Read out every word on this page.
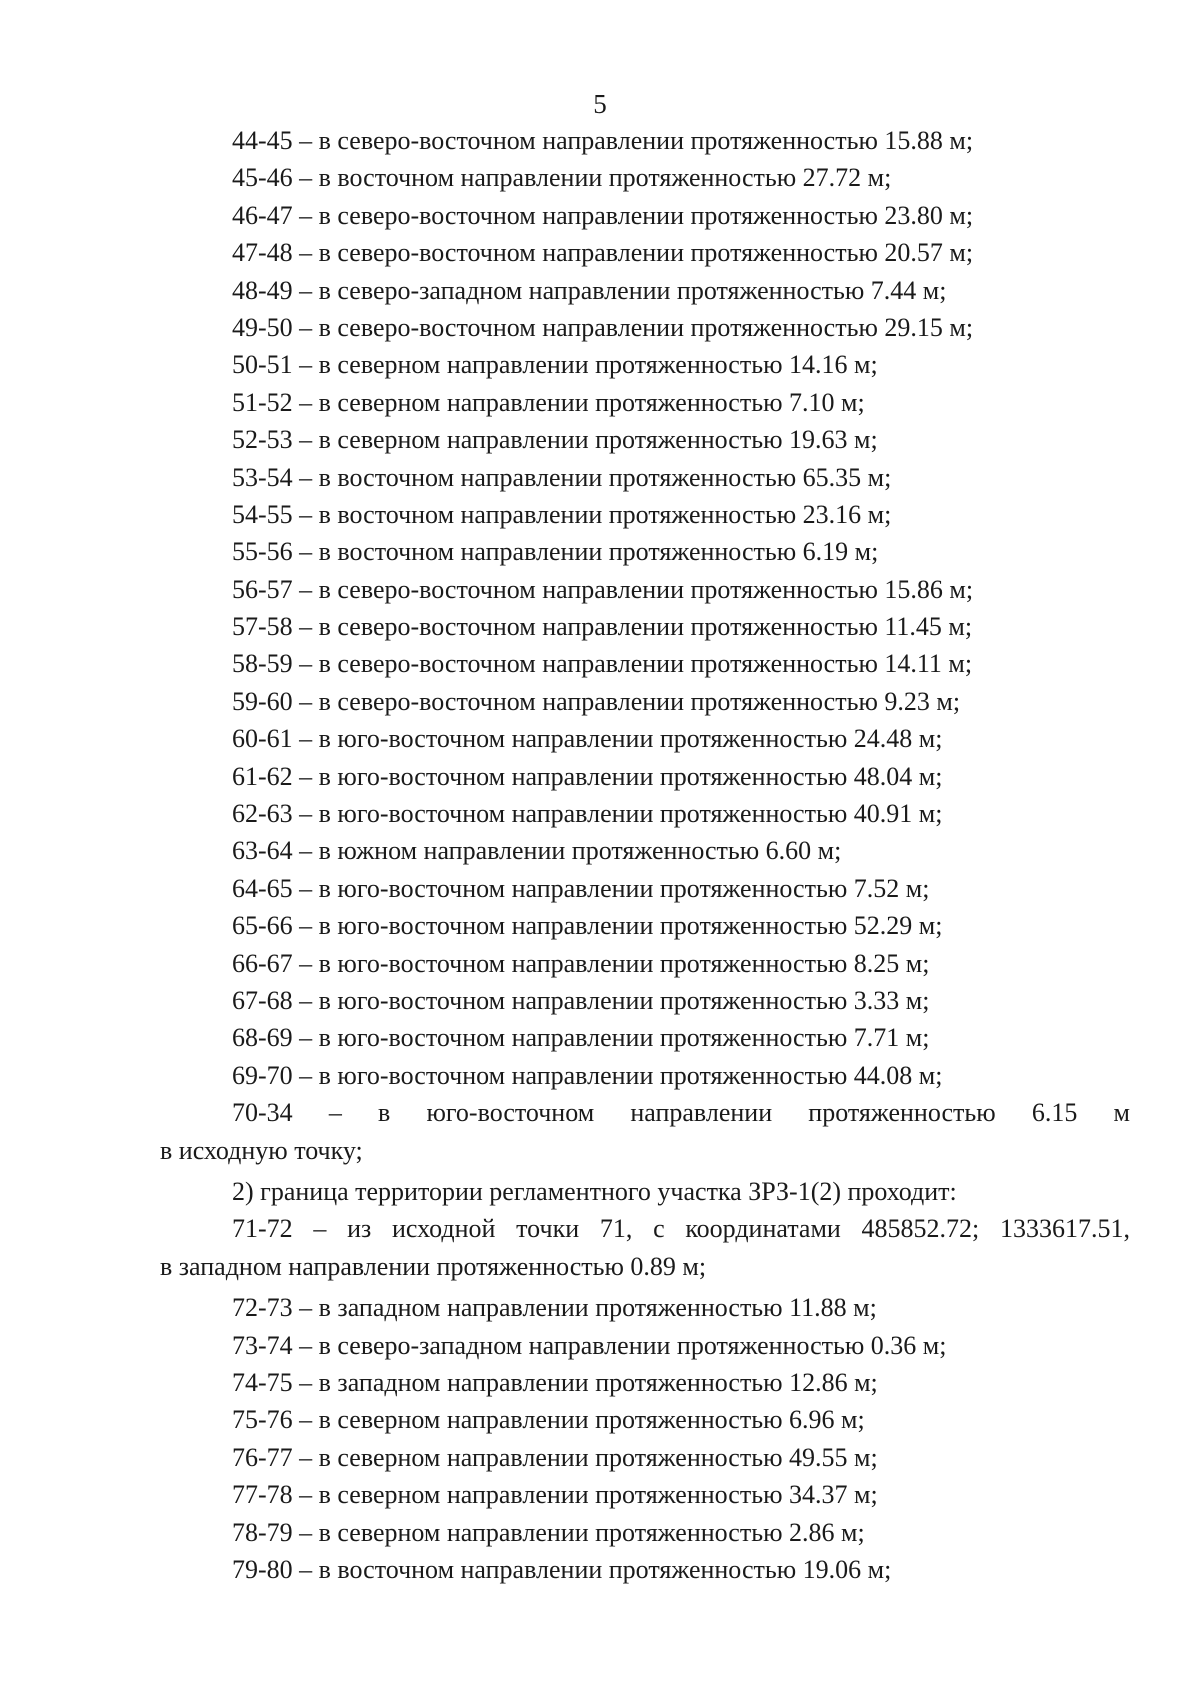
5
44-45 – в северо-восточном направлении протяженностью 15.88 м;
45-46 – в восточном направлении протяженностью 27.72 м;
46-47 – в северо-восточном направлении протяженностью 23.80 м;
47-48 – в северо-восточном направлении протяженностью 20.57 м;
48-49 – в северо-западном направлении протяженностью 7.44 м;
49-50 – в северо-восточном направлении протяженностью 29.15 м;
50-51 – в северном направлении протяженностью 14.16 м;
51-52 – в северном направлении протяженностью 7.10 м;
52-53 – в северном направлении протяженностью 19.63 м;
53-54 – в восточном направлении протяженностью 65.35 м;
54-55 – в восточном направлении протяженностью 23.16 м;
55-56 – в восточном направлении протяженностью 6.19 м;
56-57 – в северо-восточном направлении протяженностью 15.86 м;
57-58 – в северо-восточном направлении протяженностью 11.45 м;
58-59 – в северо-восточном направлении протяженностью 14.11 м;
59-60 – в северо-восточном направлении протяженностью 9.23 м;
60-61 – в юго-восточном направлении протяженностью 24.48 м;
61-62 – в юго-восточном направлении протяженностью 48.04 м;
62-63 – в юго-восточном направлении протяженностью 40.91 м;
63-64 – в южном направлении протяженностью 6.60 м;
64-65 – в юго-восточном направлении протяженностью 7.52 м;
65-66 – в юго-восточном направлении протяженностью 52.29 м;
66-67 – в юго-восточном направлении протяженностью 8.25 м;
67-68 – в юго-восточном направлении протяженностью 3.33 м;
68-69 – в юго-восточном направлении протяженностью 7.71 м;
69-70 – в юго-восточном направлении протяженностью 44.08 м;
70-34 – в юго-восточном направлении протяженностью 6.15 м
в исходную точку;
2) граница территории регламентного участка ЗРЗ-1(2) проходит:
71-72 – из исходной точки 71, с координатами 485852.72; 1333617.51,
в западном направлении протяженностью 0.89 м;
72-73 – в западном направлении протяженностью 11.88 м;
73-74 – в северо-западном направлении протяженностью 0.36 м;
74-75 – в западном направлении протяженностью 12.86 м;
75-76 – в северном направлении протяженностью 6.96 м;
76-77 – в северном направлении протяженностью 49.55 м;
77-78 – в северном направлении протяженностью 34.37 м;
78-79 – в северном направлении протяженностью 2.86 м;
79-80 – в восточном направлении протяженностью 19.06 м;
